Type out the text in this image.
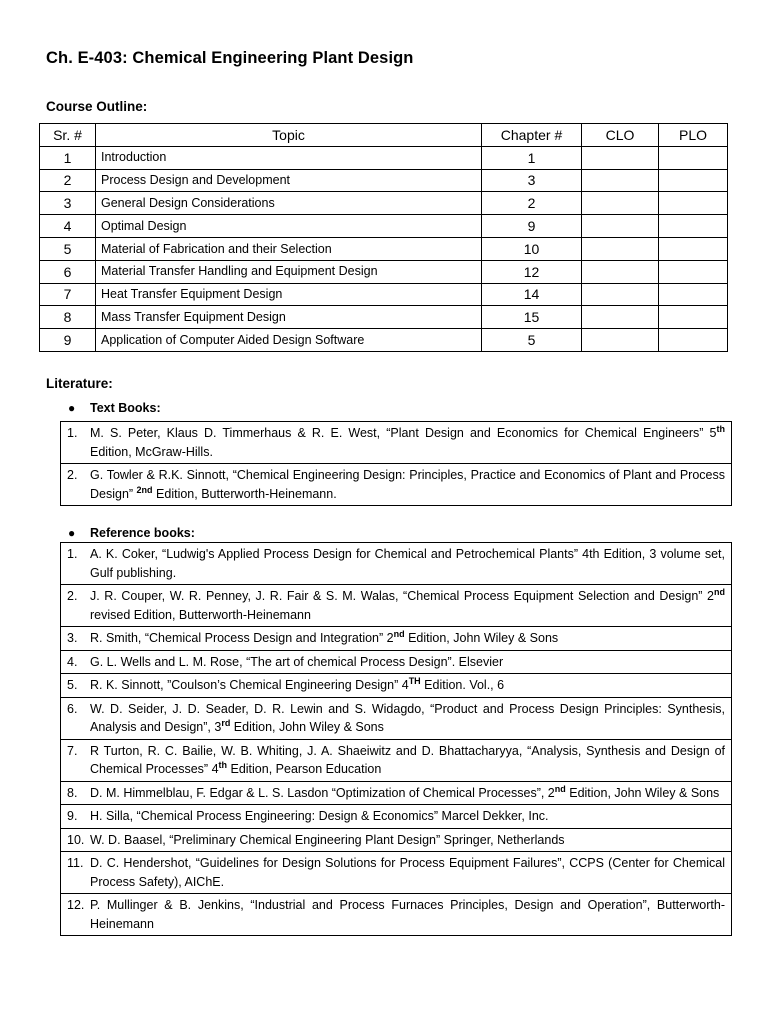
Ch. E-403: Chemical Engineering Plant Design
Course Outline:
Sr. #	Topic	Chapter #	CLO	PLO
1	Introduction	1		
2	Process Design and Development	3		
3	General Design Considerations	2		
4	Optimal Design	9		
5	Material of Fabrication and their Selection	10		
6	Material Transfer Handling and Equipment Design	12		
7	Heat Transfer Equipment Design	14		
8	Mass Transfer Equipment Design	15		
9	Application of Computer Aided Design Software	5		
Literature:
● Text Books:
1.	M. S. Peter, Klaus D. Timmerhaus & R. E. West, “Plant Design and Economics for Chemical Engineers” 5th Edition, McGraw-Hills.
2.	G. Towler & R.K. Sinnott, “Chemical Engineering Design: Principles, Practice and Economics of Plant and Process Design” $^{2nd}$ Edition, Butterworth-Heinemann.
● Reference books:
1.	A. K. Coker, “Ludwig's Applied Process Design for Chemical and Petrochemical Plants” 4th Edition, 3 volume set, Gulf publishing.
2.	J. R. Couper, W. R. Penney, J. R. Fair & S. M. Walas, “Chemical Process Equipment Selection and Design” 2nd revised Edition, Butterworth-Heinemann
3.	R. Smith, “Chemical Process Design and Integration” 2nd Edition, John Wiley & Sons
4.	G. L. Wells and L. M. Rose, “The art of chemical Process Design”. Elsevier
5.	R. K. Sinnott, ”Coulson’s Chemical Engineering Design” 4TH Edition. Vol., 6
6.	W. D. Seider, J. D. Seader, D. R. Lewin and S. Widagdo, “Product and Process Design Principles: Synthesis, Analysis and Design”, 3rd Edition, John Wiley & Sons
7.	R Turton, R. C. Bailie, W. B. Whiting, J. A. Shaeiwitz and D. Bhattacharyya, “Analysis, Synthesis and Design of Chemical Processes” 4th Edition, Pearson Education
8.	D. M. Himmelblau, F. Edgar & L. S. Lasdon “Optimization of Chemical Processes”, 2nd Edition, John Wiley & Sons
9.	H. Silla, “Chemical Process Engineering: Design & Economics” Marcel Dekker, Inc.
10. W. D. Baasel, “Preliminary Chemical Engineering Plant Design” Springer, Netherlands
11. D. C. Hendershot, “Guidelines for Design Solutions for Process Equipment Failures”, CCPS (Center for Chemical Process Safety), AIChE.
12. P. Mullinger & B. Jenkins, “Industrial and Process Furnaces Principles, Design and Operation”, Butterworth-Heinemann
